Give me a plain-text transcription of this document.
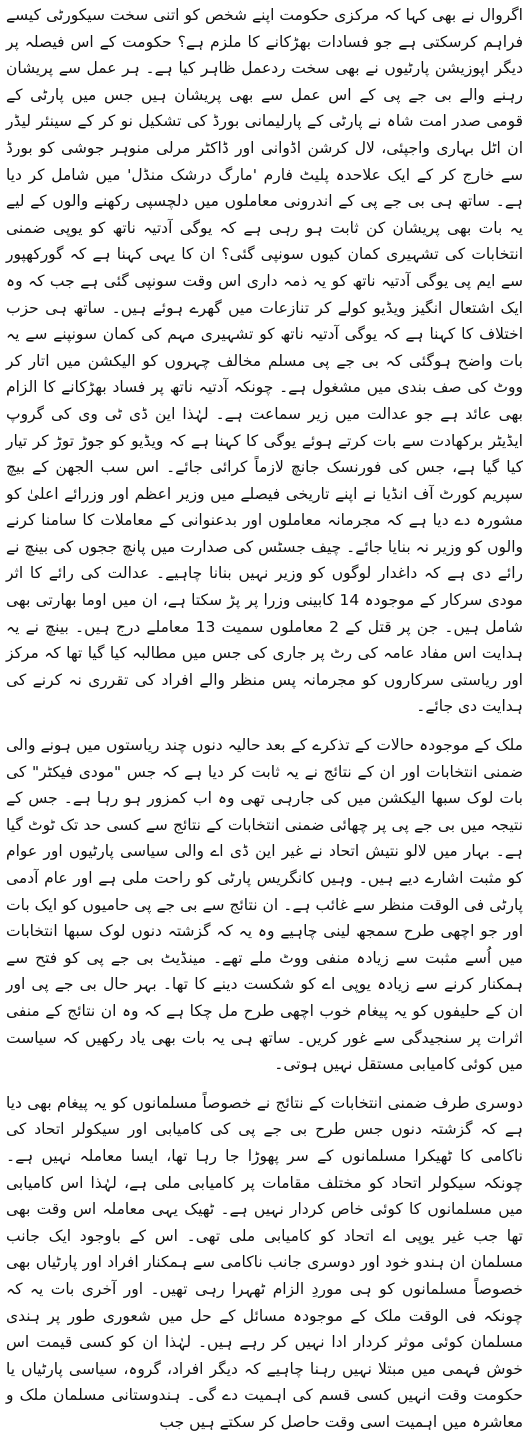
اگروال نے بھی کہا کہ مرکزی حکومت اپنے شخص کو اتنی سخت سیکورٹی کیسے فراہم کرسکتی ہے جو فسادات بھڑکانے کا ملزم ہے؟ حکومت کے اس فیصلہ پر دیگر اپوزیشن پارٹیوں نے بھی سخت ردعمل ظاہر کیا ہے۔ ہر عمل سے پریشان رہنے والے بی جے پی کے اس عمل سے بھی پریشان ہیں جس میں پارٹی کے قومی صدر امت شاہ نے پارٹی کے پارلیمانی بورڈ کی تشکیل نو کر کے سینئر لیڈر ان اٹل بہاری واجپئی، لال کرشن اڈوانی اور ڈاکٹر مرلی منوہر جوشی کو بورڈ سے خارج کر کے ایک علاحدہ پلیٹ فارم 'مارگ درشک منڈل' میں شامل کر دیا ہے۔ ساتھ ہی بی جے پی کے اندرونی معاملوں میں دلچسپی رکھنے والوں کے لیے یہ بات بھی پریشان کن ثابت ہو رہی ہے کہ یوگی آدتیہ ناتھ کو یوپی ضمنی انتخابات کی تشہیری کمان کیوں سونپی گئی؟ ان کا یہی کہنا ہے کہ گورکھپور سے ایم پی یوگی آدتیہ ناتھ کو یہ ذمہ داری اس وقت سونپی گئی ہے جب کہ وہ ایک اشتعال انگیز ویڈیو کولے کر تنازعات میں گھرے ہوئے ہیں۔ ساتھ ہی حزب اختلاف کا کہنا ہے کہ یوگی آدتیہ ناتھ کو تشہیری مہم کی کمان سونپنے سے یہ بات واضح ہوگئی کہ بی جے پی مسلم مخالف چہروں کو الیکشن میں اتار کر ووٹ کی صف بندی میں مشغول ہے۔ چونکہ آدتیہ ناتھ پر فساد بھڑکانے کا الزام بھی عائد ہے جو عدالت میں زیر سماعت ہے۔ لہٰذا این ڈی ٹی وی کی گروپ ایڈیٹر برکھادت سے بات کرتے ہوئے یوگی کا کہنا ہے کہ ویڈیو کو جوڑ توڑ کر تیار کیا گیا ہے، جس کی فورنسک جانچ لازماً کرائی جائے۔ اس سب الجھن کے بیچ سپریم کورٹ آف انڈیا نے اپنے تاریخی فیصلے میں وزیر اعظم اور وزرائے اعلیٰ کو مشورہ دے دیا ہے کہ مجرمانہ معاملوں اور بدعنوانی کے معاملات کا سامنا کرنے والوں کو وزیر نہ بنایا جائے۔ چیف جسٹس کی صدارت میں پانچ ججوں کی بینچ نے رائے دی ہے کہ داغدار لوگوں کو وزیر نہیں بنانا چاہیے۔ عدالت کی رائے کا اثر مودی سرکار کے موجودہ 14 کابینی وزرا پر پڑ سکتا ہے، ان میں اوما بھارتی بھی شامل ہیں۔ جن پر قتل کے 2 معاملوں سمیت 13 معاملے درج ہیں۔ بینچ نے یہ ہدایت اس مفاد عامہ کی رٹ پر جاری کی جس میں مطالبہ کیا گیا تھا کہ مرکز اور ریاستی سرکاروں کو مجرمانہ پس منظر والے افراد کی تقرری نہ کرنے کی ہدایت دی جائے۔

ملک کے موجودہ حالات کے تذکرے کے بعد حالیہ دنوں چند ریاستوں میں ہونے والی ضمنی انتخابات اور ان کے نتائج نے یہ ثابت کر دیا ہے کہ جس "مودی فیکٹر" کی بات لوک سبھا الیکشن میں کی جارہی تھی وہ اب کمزور ہو رہا ہے۔ جس کے نتیجہ میں بی جے پی پر چھائی ضمنی انتخابات کے نتائج سے کسی حد تک ٹوٹ گیا ہے۔ بہار میں لالو نتیش اتحاد نے غیر این ڈی اے والی سیاسی پارٹیوں اور عوام کو مثبت اشارے دیے ہیں۔ وہیں کانگریس پارٹی کو راحت ملی ہے اور عام آدمی پارٹی فی الوقت منظر سے غائب ہے۔ ان نتائج سے بی جے پی حامیوں کو ایک بات اور جو اچھی طرح سمجھ لینی چاہیے وہ یہ کہ گزشتہ دنوں لوک سبھا انتخابات میں اُسے مثبت سے زیادہ منفی ووٹ ملے تھے۔ مینڈیٹ بی جے پی کو فتح سے ہمکنار کرنے سے زیادہ یوپی اے کو شکست دینے کا تھا۔ بہر حال بی جے پی اور ان کے حلیفوں کو یہ پیغام خوب اچھی طرح مل چکا ہے کہ وہ ان نتائج کے منفی اثرات پر سنجیدگی سے غور کریں۔ ساتھ ہی یہ بات بھی یاد رکھیں کہ سیاست میں کوئی کامیابی مستقل نہیں ہوتی۔

دوسری طرف ضمنی انتخابات کے نتائج نے خصوصاً مسلمانوں کو یہ پیغام بھی دیا ہے کہ گزشتہ دنوں جس طرح بی جے پی کی کامیابی اور سیکولر اتحاد کی ناکامی کا ٹھیکرا مسلمانوں کے سر پھوڑا جا رہا تھا، ایسا معاملہ نہیں ہے۔ چونکہ سیکولر اتحاد کو مختلف مقامات پر کامیابی ملی ہے، لہٰذا اس کامیابی میں مسلمانوں کا کوئی خاص کردار نہیں ہے۔ ٹھیک یہی معاملہ اس وقت بھی تھا جب غیر یوپی اے اتحاد کو کامیابی ملی تھی۔ اس کے باوجود ایک جانب مسلمان ان ہندو خود اور دوسری جانب ناکامی سے ہمکنار افراد اور پارٹیاں بھی خصوصاً مسلمانوں کو ہی موردِ الزام ٹھہرا رہی تھیں۔ اور آخری بات یہ کہ چونکہ فی الوقت ملک کے موجودہ مسائل کے حل میں شعوری طور پر ہندی مسلمان کوئی موثر کردار ادا نہیں کر رہے ہیں۔ لہٰذا ان کو کسی قیمت اس خوش فہمی میں مبتلا نہیں رہنا چاہیے کہ دیگر افراد، گروہ، سیاسی پارٹیاں یا حکومت وقت انہیں کسی قسم کی اہمیت دے گی۔ ہندوستانی مسلمان ملک و معاشرہ میں اہمیت اسی وقت حاصل کر سکتے ہیں جب
